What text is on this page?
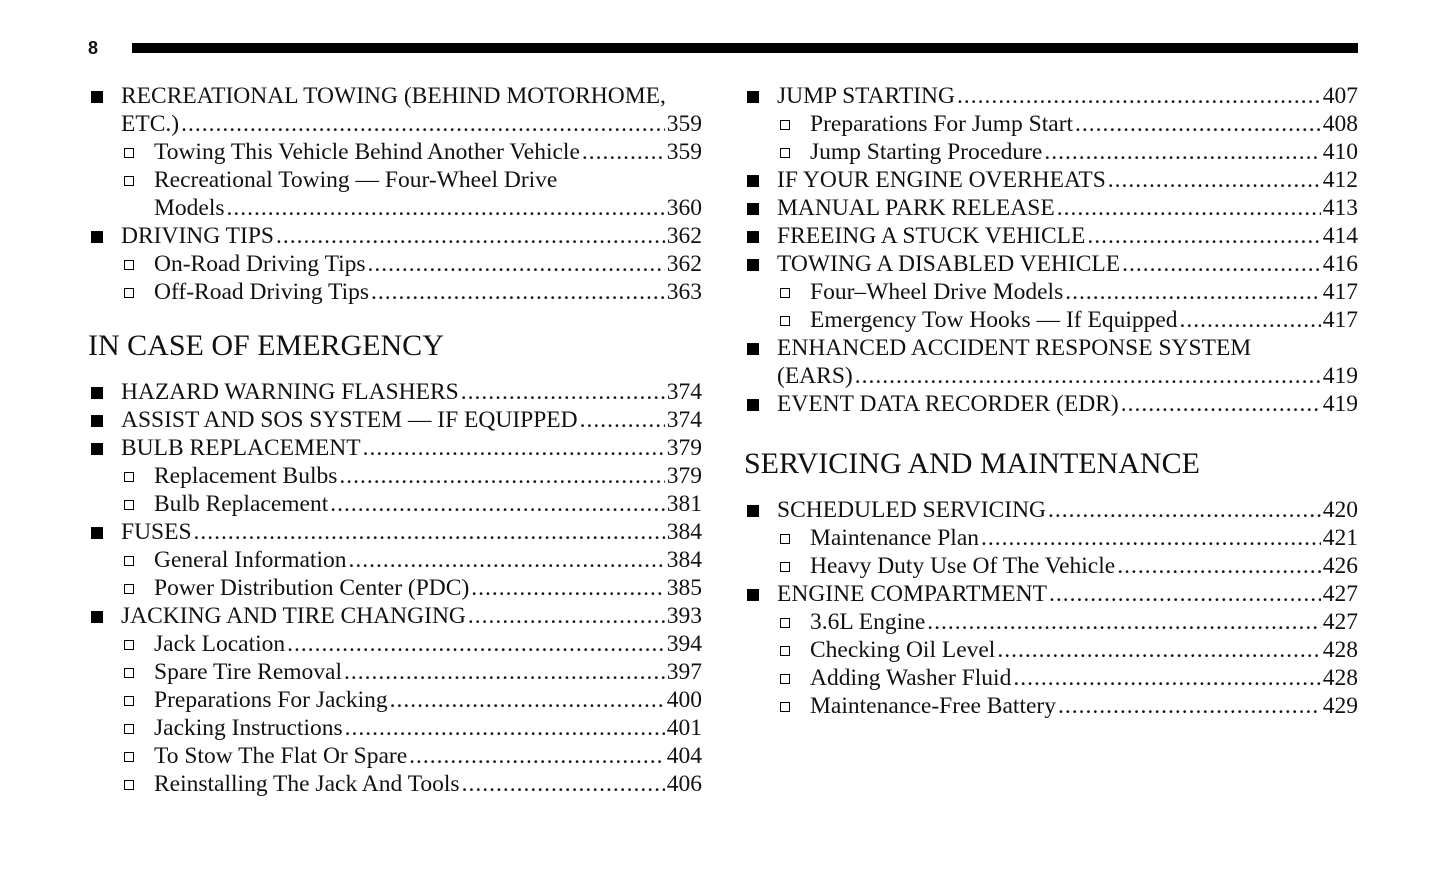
8
RECREATIONAL TOWING (BEHIND MOTORHOME,
ETC.) .....	359
Towing This Vehicle Behind Another Vehicle .....	359
Recreational Towing — Four-Wheel Drive
Models .....	360
DRIVING TIPS .....	362
On-Road Driving Tips .....	362
Off-Road Driving Tips .....	363
IN CASE OF EMERGENCY
HAZARD WARNING FLASHERS .....	374
ASSIST AND SOS SYSTEM — IF EQUIPPED .....	374
BULB REPLACEMENT .....	379
Replacement Bulbs .....	379
Bulb Replacement .....	381
FUSES .....	384
General Information .....	384
Power Distribution Center (PDC) .....	385
JACKING AND TIRE CHANGING .....	393
Jack Location .....	394
Spare Tire Removal .....	397
Preparations For Jacking .....	400
Jacking Instructions .....	401
To Stow The Flat Or Spare .....	404
Reinstalling The Jack And Tools .....	406
JUMP STARTING .....	407
Preparations For Jump Start .....	408
Jump Starting Procedure .....	410
IF YOUR ENGINE OVERHEATS .....	412
MANUAL PARK RELEASE .....	413
FREEING A STUCK VEHICLE .....	414
TOWING A DISABLED VEHICLE .....	416
Four–Wheel Drive Models .....	417
Emergency Tow Hooks — If Equipped .....	417
ENHANCED ACCIDENT RESPONSE SYSTEM
(EARS) .....	419
EVENT DATA RECORDER (EDR) .....	419
SERVICING AND MAINTENANCE
SCHEDULED SERVICING .....	420
Maintenance Plan .....	421
Heavy Duty Use Of The Vehicle .....	426
ENGINE COMPARTMENT .....	427
3.6L Engine .....	427
Checking Oil Level .....	428
Adding Washer Fluid .....	428
Maintenance-Free Battery .....	429
